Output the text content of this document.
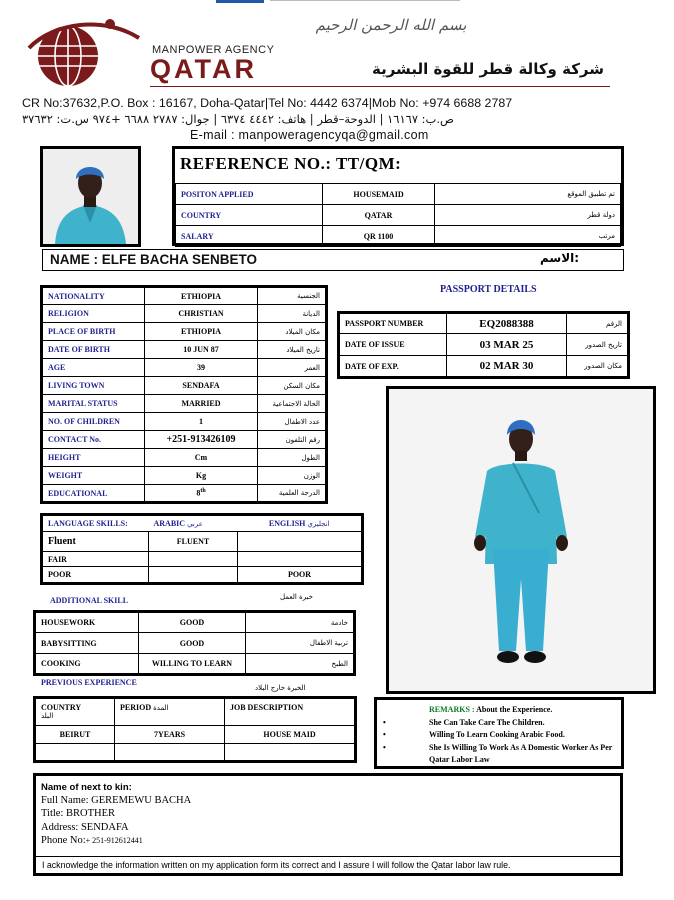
بسم الله الرحمن الرحيم
MANPOWER AGENCY
QATAR	شركة وكالة قطر للقوة البشرية
CR No:37632,P.O. Box : 16167, Doha-Qatar|Tel No: 4442 6374|Mob No: +974 6688 2787
ص.ب: ١٦١٦٧ | الدوحة–قطر | هاتف: ٤٤٤٢ ٦٣٧٤ | جوال: ٢٧٨٧ ٦٦٨٨ +٩٧٤ س.ت: ٣٧٦٣٢
E-mail : manpoweragencyqa@gmail.com
REFERENCE NO.: TT/QM:
POSITON APPLIED	HOUSEMAID	تم تطبيق الموقع
COUNTRY	QATAR	دولة قطر
SALARY	QR 1100	مرتب
NAME : ELFE BACHA SENBETO	الاسم:
NATIONALITY	ETHIOPIA	الجنسية
RELIGION	CHRISTIAN	الديانة
PLACE OF BIRTH	ETHIOPIA	مكان الميلاد
DATE OF BIRTH	10 JUN 87	تاريخ الميلاد
AGE	39	العمر
LIVING TOWN	SENDAFA	مكان السكن
MARITAL STATUS	MARRIED	الحالة الاجتماعية
NO. OF CHILDREN	1	عدد الاطفال
CONTACT No.	+251-913426109	رقم التلفون
HEIGHT	Cm	الطول
WEIGHT	Kg	الوزن
EDUCATIONAL	8th	الدرجة العلمية
PASSPORT DETAILS
PASSPORT NUMBER	EQ2088388	الرقم
DATE OF ISSUE	03 MAR 25	تاريخ الصدور
DATE OF EXP.	02 MAR 30	مكان الصدور
LANGUAGE SKILLS:	ARABIC عربي	ENGLISH انجليزي
Fluent	FLUENT	
FAIR		
POOR		POOR
ADDITIONAL SKILL	خبرة العمل
HOUSEWORK	GOOD	خادمة
BABYSITTING	GOOD	تربية الاطفال
COOKING	WILLING TO LEARN	الطبخ
PREVIOUS EXPERIENCE
الخبرة خارج البلاد
COUNTRY
البلد	PERIOD المدة	JOB DESCRIPTION
BEIRUT	7YEARS	HOUSE MAID

REMARKS : About the Experience.
•	She Can Take Care The Children.
•	Willing To Learn Cooking Arabic Food.
•	She Is Willing To Work As A Domestic Worker As Per Qatar Labor Law
Name of next to kin:
Full Name: GEREMEWU BACHA
Title: BROTHER
Address: SENDAFA
Phone No:+ 251-912612441
I acknowledge the information written on my application form its correct and I assure I will follow the Qatar labor law rule.
